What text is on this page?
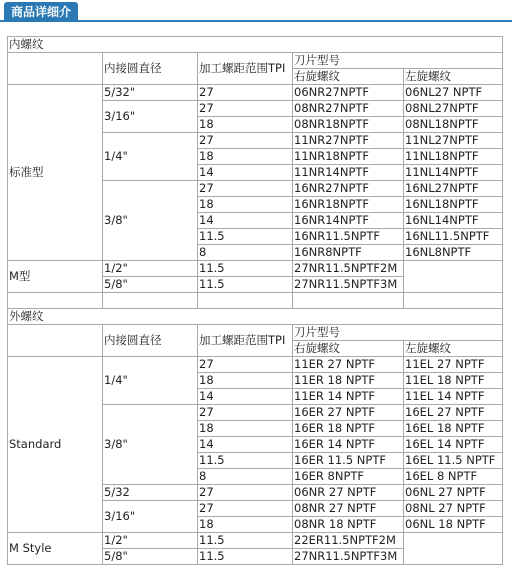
商品详细介
内螺纹				
	内接圆直径	加工螺距范围TPI	刀片型号	
			右旋螺纹	左旋螺纹
标准型	5/32"	27	06NR27NPTF	06NL27 NPTF
	3/16"	27	08NR27NPTF	08NL27NPTF
		18	08NR18NPTF	08NL18NPTF
	1/4"	27	11NR27NPTF	11NL27NPTF
		18	11NR18NPTF	11NL18NPTF
		14	11NR14NPTF	11NL14NPTF
	3/8"	27	16NR27NPTF	16NL27NPTF
		18	16NR18NPTF	16NL18NPTF
		14	16NR14NPTF	16NL14NPTF
		11.5	16NR11.5NPTF	16NL11.5NPTF
		8	16NR8NPTF	16NL8NPTF
M型	1/2"	11.5	27NR11.5NPTF2M	
	5/8"	11.5	27NR11.5NPTF3M	

外螺纹				
	内接圆直径	加工螺距范围TPI	刀片型号	
			右旋螺纹	左旋螺纹
Standard	1/4"	27	11ER 27 NPTF	11EL 27 NPTF
		18	11ER 18 NPTF	11EL 18 NPTF
		14	11ER 14 NPTF	11EL 14 NPTF
	3/8"	27	16ER 27 NPTF	16EL 27 NPTF
		18	16ER 18 NPTF	16EL 18 NPTF
		14	16ER 14 NPTF	16EL 14 NPTF
		11.5	16ER 11.5 NPTF	16EL 11.5 NPTF
		8	16ER 8NPTF	16EL 8 NPTF
	5/32	27	06NR 27 NPTF	06NL 27 NPTF
	3/16"	27	08NR 27 NPTF	08NL 27 NPTF
		18	08NR 18 NPTF	06NL 18 NPTF
M Style	1/2"	11.5	22ER11.5NPTF2M	
	5/8"	11.5	27NR11.5NPTF3M	
